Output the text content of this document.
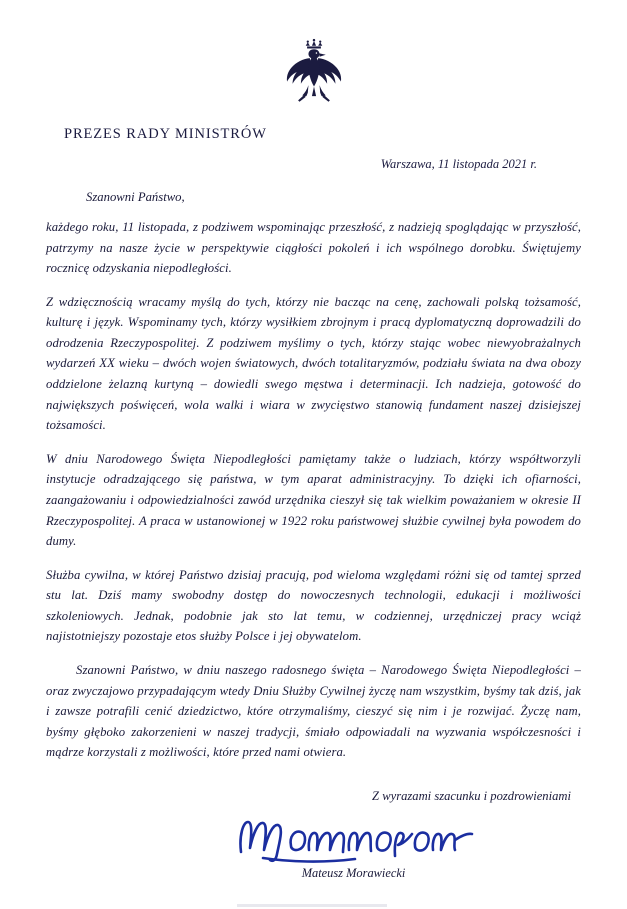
PREZES RADY MINISTRÓW
Warszawa, 11 listopada 2021 r.
Szanowni Państwo,

każdego roku, 11 listopada, z podziwem wspominając przeszłość, z nadzieją spoglądając w przyszłość, patrzymy na nasze życie w perspektywie ciągłości pokoleń i ich wspólnego dorobku. Świętujemy rocznicę odzyskania niepodległości.

Z wdzięcznością wracamy myślą do tych, którzy nie bacząc na cenę, zachowali polską tożsamość, kulturę i język. Wspominamy tych, którzy wysiłkiem zbrojnym i pracą dyplomatyczną doprowadzili do odrodzenia Rzeczypospolitej. Z podziwem myślimy o tych, którzy stając wobec niewyobrażalnych wydarzeń XX wieku – dwóch wojen światowych, dwóch totalitaryzmów, podziału świata na dwa obozy oddzielone żelazną kurtyną – dowiedli swego męstwa i determinacji. Ich nadzieja, gotowość do największych poświęceń, wola walki i wiara w zwycięstwo stanowią fundament naszej dzisiejszej tożsamości.

W dniu Narodowego Święta Niepodległości pamiętamy także o ludziach, którzy współtworzyli instytucje odradzającego się państwa, w tym aparat administracyjny. To dzięki ich ofiarności, zaangażowaniu i odpowiedzialności zawód urzędnika cieszył się tak wielkim poważaniem w okresie II Rzeczypospolitej. A praca w ustanowionej w 1922 roku państwowej służbie cywilnej była powodem do dumy.

Służba cywilna, w której Państwo dzisiaj pracują, pod wieloma względami różni się od tamtej sprzed stu lat. Dziś mamy swobodny dostęp do nowoczesnych technologii, edukacji i możliwości szkoleniowych. Jednak, podobnie jak sto lat temu, w codziennej, urzędniczej pracy wciąż najistotniejszy pozostaje etos służby Polsce i jej obywatelom.

Szanowni Państwo, w dniu naszego radosnego święta – Narodowego Święta Niepodległości – oraz zwyczajowo przypadającym wtedy Dniu Służby Cywilnej życzę nam wszystkim, byśmy tak dziś, jak i zawsze potrafili cenić dziedzictwo, które otrzymaliśmy, cieszyć się nim i je rozwijać. Życzę nam, byśmy głęboko zakorzenieni w naszej tradycji, śmiało odpowiadali na wyzwania współczesności i mądrze korzystali z możliwości, które przed nami otwiera.

Z wyrazami szacunku i pozdrowieniami
Mateusz Morawiecki
